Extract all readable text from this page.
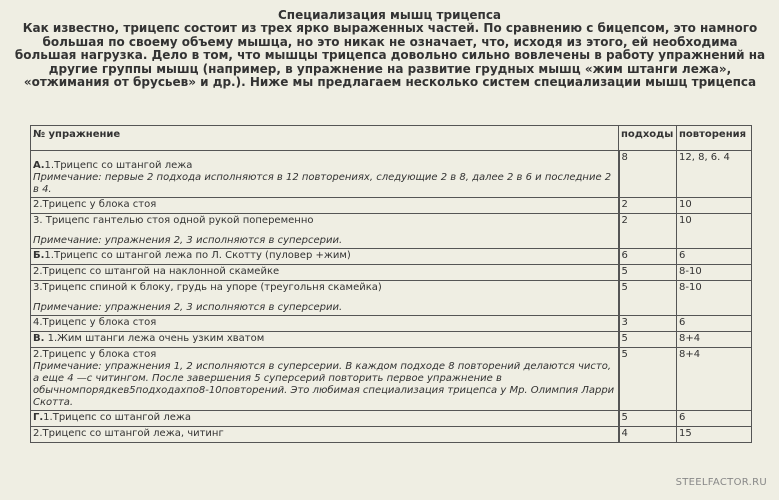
Специализация мышц трицепса
Как известно, трицепс состоит из трех ярко выраженных частей. По сравнению с бицепсом, это намного большая по своему объему мышца, но это никак не означает, что, исходя из этого, ей необходима большая нагрузка. Дело в том, что мышцы трицепса довольно сильно вовлечены в работу упражнений на другие группы мышц (например, в упражнение на развитие грудных мышц «жим штанги лежа», «отжимания от брусьев» и др.). Ниже мы предлагаем несколько систем специализации мышц трицепса
№ упражнение	подходы	повторения

А.1.Трицепс со штангой лежа
Примечание: первые 2 подхода исполняются в 12 повторениях, следующие 2 в 8, далее 2 в 6 и последние 2 в 4.	8	12, 8, 6. 4
2.Трицепс у блока стоя	2	10
3. Трицепс гантелью стоя одной рукой попеременно
Примечание: упражнения 2, 3 исполняются в суперсерии.	2	10
Б.1.Трицепс со штангой лежа по Л. Скотту (пуловер +жим)	6	6
2.Трицепс со штангой на наклонной скамейке	5	8-10
3.Трицепс спиной к блоку, грудь на упоре (треугольня скамейка)
Примечание: упражнения 2, 3 исполняются в суперсерии.	5	8-10
4.Трицепс у блока стоя	3	6
В. 1.Жим штанги лежа очень узким хватом	5	8+4
2.Трицепс у блока стоя
Примечание: упражнения 1, 2 исполняются в суперсерии. В каждом подходе 8 повторений делаются чисто, а еще 4 —с читингом. После завершения 5 суперсерий повторить первое упражнение в обычномпорядкев5подходахпо8-10повторений. Это любимая специализация трицепса у Мр. Олимпия Ларри Скотта.	5	8+4
Г.1.Трицепс со штангой лежа	5	6
2.Трицепс со штангой лежа, читинг	4	15
STEELFACTOR.RU
